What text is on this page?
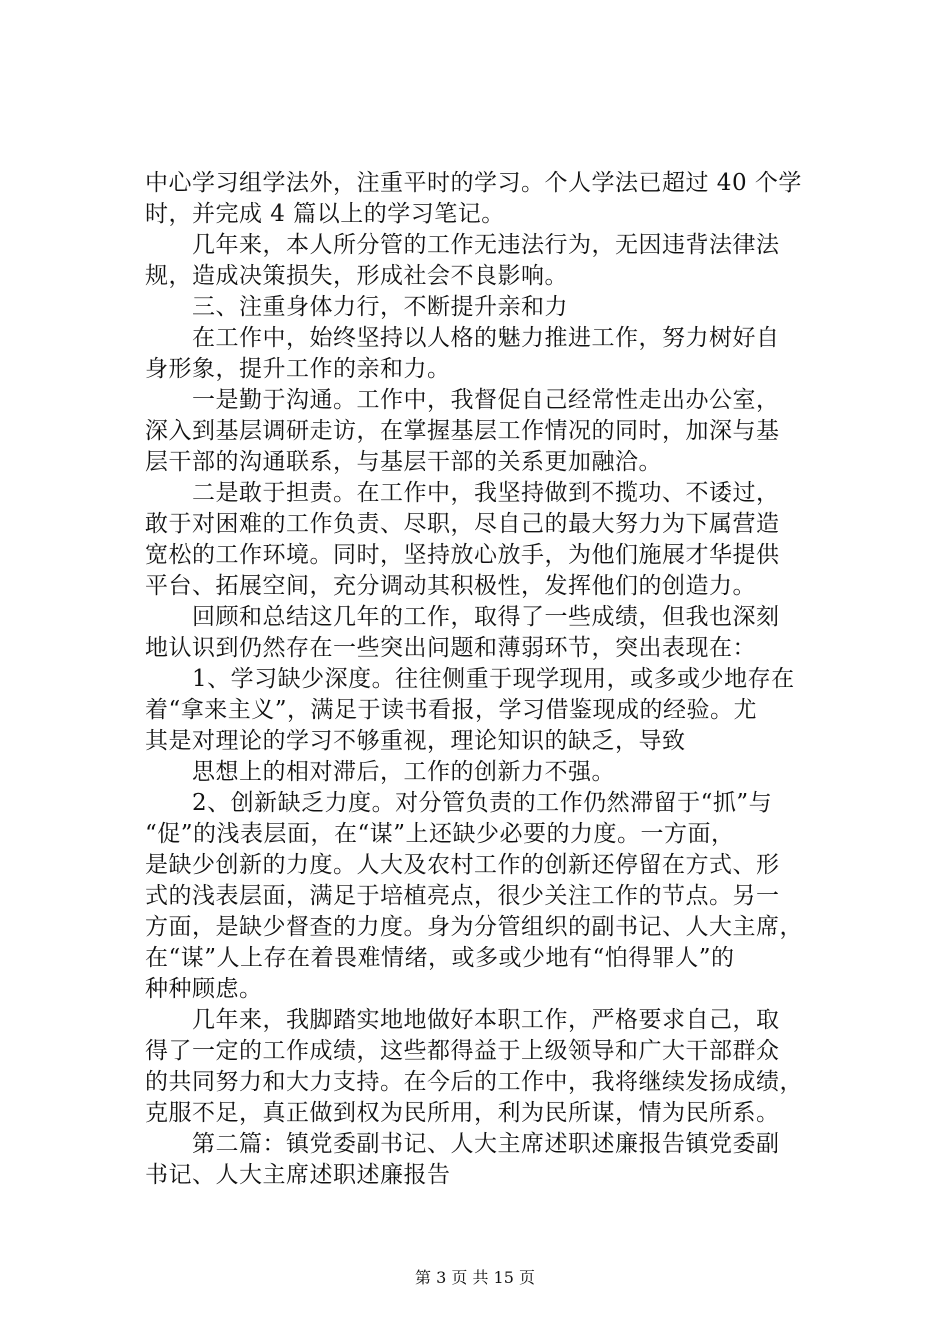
中心学习组学法外，注重平时的学习。个人学法已超过 40 个学
时，并完成 4 篇以上的学习笔记。
　　几年来，本人所分管的工作无违法行为，无因违背法律法
规，造成决策损失，形成社会不良影响。
　　三、注重身体力行，不断提升亲和力
　　在工作中，始终坚持以人格的魅力推进工作，努力树好自
身形象，提升工作的亲和力。
　　一是勤于沟通。工作中，我督促自己经常性走出办公室，
深入到基层调研走访，在掌握基层工作情况的同时，加深与基
层干部的沟通联系，与基层干部的关系更加融洽。
　　二是敢于担责。在工作中，我坚持做到不揽功、不诿过，
敢于对困难的工作负责、尽职，尽自己的最大努力为下属营造
宽松的工作环境。同时，坚持放心放手，为他们施展才华提供
平台、拓展空间，充分调动其积极性，发挥他们的创造力。
　　回顾和总结这几年的工作，取得了一些成绩，但我也深刻
地认识到仍然存在一些突出问题和薄弱环节，突出表现在：
　　1、学习缺少深度。往往侧重于现学现用，或多或少地存在
着“拿来主义”，满足于读书看报，学习借鉴现成的经验。尤
其是对理论的学习不够重视，理论知识的缺乏，导致
　　思想上的相对滞后，工作的创新力不强。
　　2、创新缺乏力度。对分管负责的工作仍然滞留于“抓”与
“促”的浅表层面，在“谋”上还缺少必要的力度。一方面，
是缺少创新的力度。人大及农村工作的创新还停留在方式、形
式的浅表层面，满足于培植亮点，很少关注工作的节点。另一
方面，是缺少督查的力度。身为分管组织的副书记、人大主席，
在“谋”人上存在着畏难情绪，或多或少地有“怕得罪人”的
种种顾虑。
　　几年来，我脚踏实地地做好本职工作，严格要求自己，取
得了一定的工作成绩，这些都得益于上级领导和广大干部群众
的共同努力和大力支持。在今后的工作中，我将继续发扬成绩，
克服不足，真正做到权为民所用，利为民所谋，情为民所系。
　　第二篇：镇党委副书记、人大主席述职述廉报告镇党委副
书记、人大主席述职述廉报告
第 3 页 共 15 页
